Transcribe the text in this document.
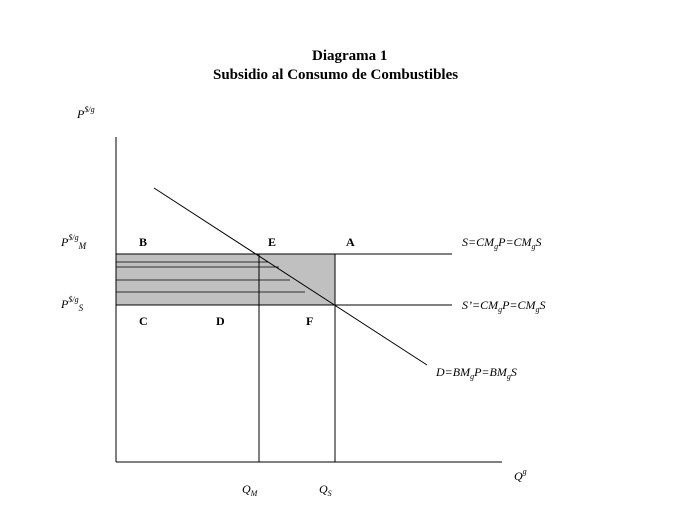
Diagrama 1
Subsidio al Consumo de Combustibles
$P^{\$/g}$
$Q^g$
$P^{\$/g}_M$
$P^{\$/g}_S$
$Q_M$	$Q_S$
B	E	A
C	D	F
$S=CM_gP=CM_gS$
$S’=CM_gP=CM_gS$
$D=BM_gP=BM_gS$
